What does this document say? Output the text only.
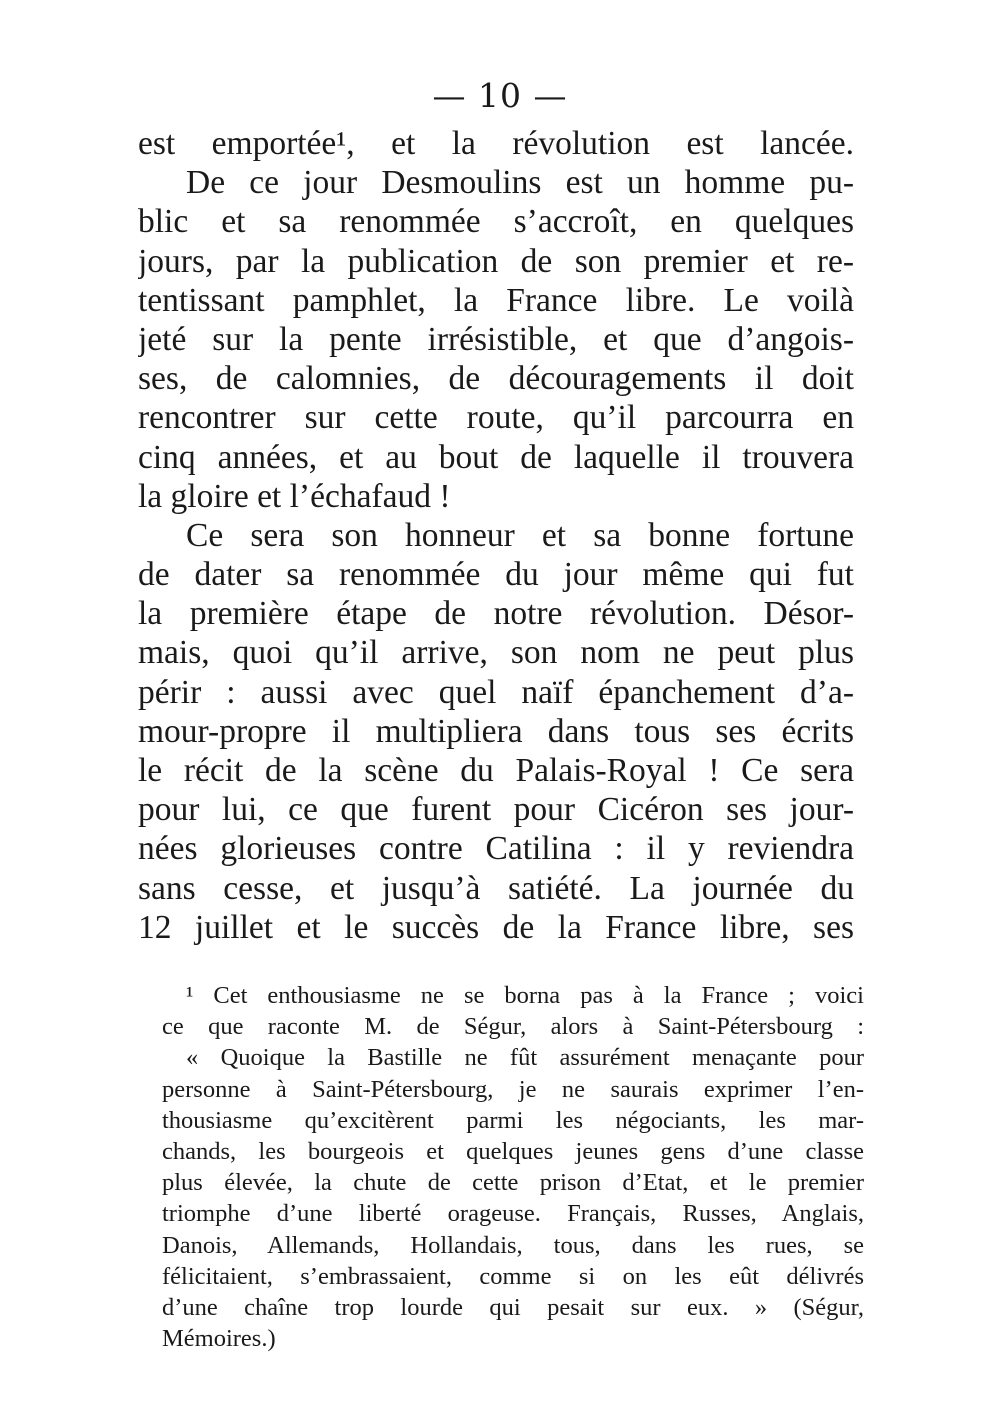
— 10 —
est emportée¹, et la révolution est lancée.
De ce jour Desmoulins est un homme pu-
blic et sa renommée s’accroît, en quelques
jours, par la publication de son premier et re-
tentissant pamphlet, la France libre. Le voilà
jeté sur la pente irrésistible, et que d’angois-
ses, de calomnies, de découragements il doit
rencontrer sur cette route, qu’il parcourra en
cinq années, et au bout de laquelle il trouvera
la gloire et l’échafaud !
Ce sera son honneur et sa bonne fortune
de dater sa renommée du jour même qui fut
la première étape de notre révolution. Désor-
mais, quoi qu’il arrive, son nom ne peut plus
périr : aussi avec quel naïf épanchement d’a-
mour-propre il multipliera dans tous ses écrits
le récit de la scène du Palais-Royal ! Ce sera
pour lui, ce que furent pour Cicéron ses jour-
nées glorieuses contre Catilina : il y reviendra
sans cesse, et jusqu’à satiété. La journée du
12 juillet et le succès de la France libre, ses
¹ Cet enthousiasme ne se borna pas à la France ; voici
ce que raconte M. de Ségur, alors à Saint-Pétersbourg :
« Quoique la Bastille ne fût assurément menaçante pour
personne à Saint-Pétersbourg, je ne saurais exprimer l’en-
thousiasme qu’excitèrent parmi les négociants, les mar-
chands, les bourgeois et quelques jeunes gens d’une classe
plus élevée, la chute de cette prison d’Etat, et le premier
triomphe d’une liberté orageuse. Français, Russes, Anglais,
Danois, Allemands, Hollandais, tous, dans les rues, se
félicitaient, s’embrassaient, comme si on les eût délivrés
d’une chaîne trop lourde qui pesait sur eux. » (Ségur,
Mémoires.)
